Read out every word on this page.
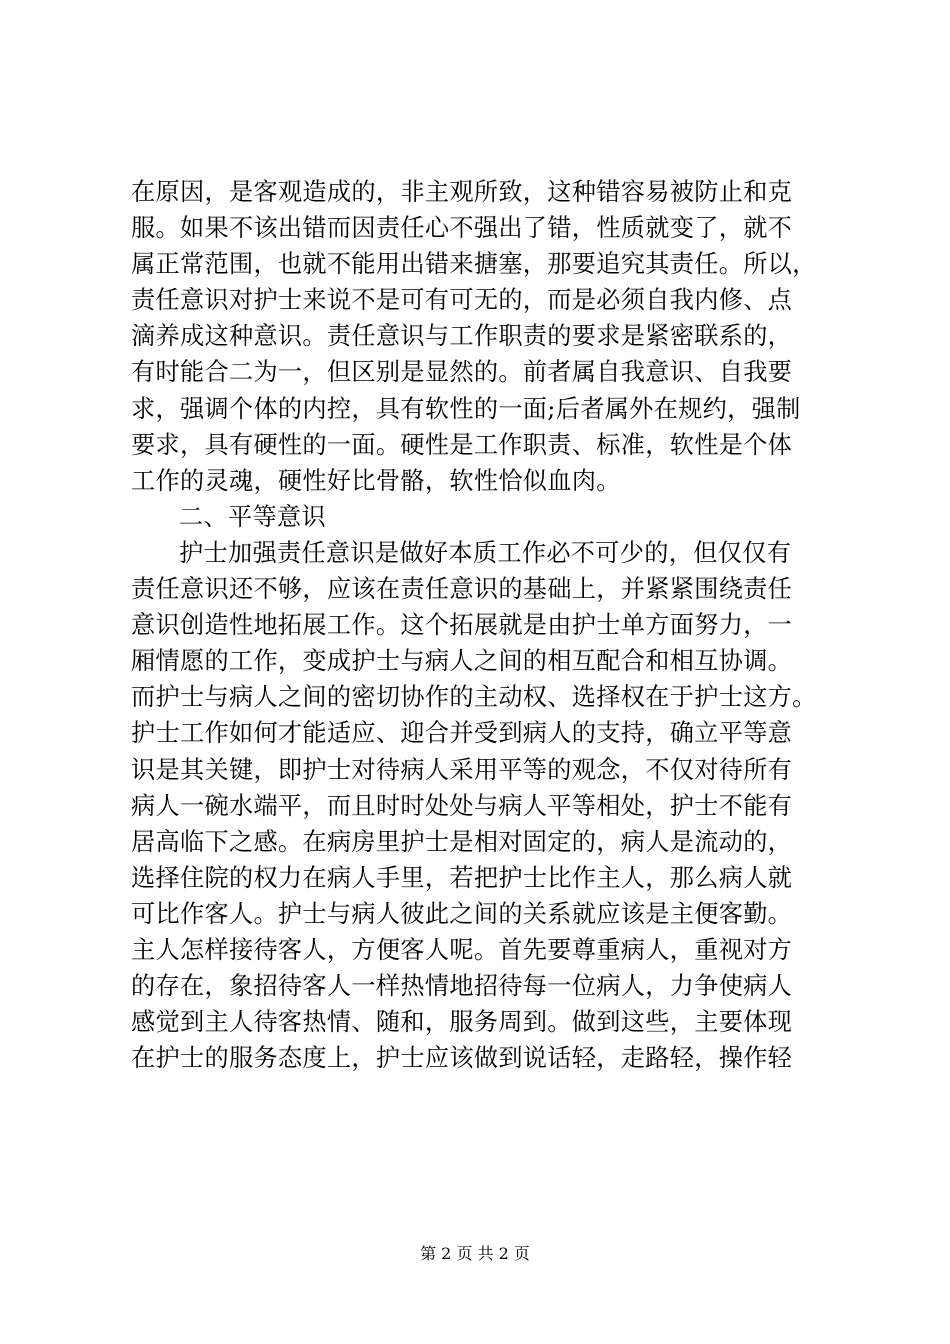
在原因，是客观造成的，非主观所致，这种错容易被防止和克
服。如果不该出错而因责任心不强出了错，性质就变了，就不
属正常范围，也就不能用出错来搪塞，那要追究其责任。所以，
责任意识对护士来说不是可有可无的，而是必须自我内修、点
滴养成这种意识。责任意识与工作职责的要求是紧密联系的，
有时能合二为一，但区别是显然的。前者属自我意识、自我要
求，强调个体的内控，具有软性的一面;后者属外在规约，强制
要求，具有硬性的一面。硬性是工作职责、标准，软性是个体
工作的灵魂，硬性好比骨骼，软性恰似血肉。
二、平等意识
护士加强责任意识是做好本质工作必不可少的，但仅仅有
责任意识还不够，应该在责任意识的基础上，并紧紧围绕责任
意识创造性地拓展工作。这个拓展就是由护士单方面努力，一
厢情愿的工作，变成护士与病人之间的相互配合和相互协调。
而护士与病人之间的密切协作的主动权、选择权在于护士这方。
护士工作如何才能适应、迎合并受到病人的支持，确立平等意
识是其关键，即护士对待病人采用平等的观念，不仅对待所有
病人一碗水端平，而且时时处处与病人平等相处，护士不能有
居高临下之感。在病房里护士是相对固定的，病人是流动的，
选择住院的权力在病人手里，若把护士比作主人，那么病人就
可比作客人。护士与病人彼此之间的关系就应该是主便客勤。
主人怎样接待客人，方便客人呢。首先要尊重病人，重视对方
的存在，象招待客人一样热情地招待每一位病人，力争使病人
感觉到主人待客热情、随和，服务周到。做到这些，主要体现
在护士的服务态度上，护士应该做到说话轻，走路轻，操作轻
第 2 页 共 2 页
